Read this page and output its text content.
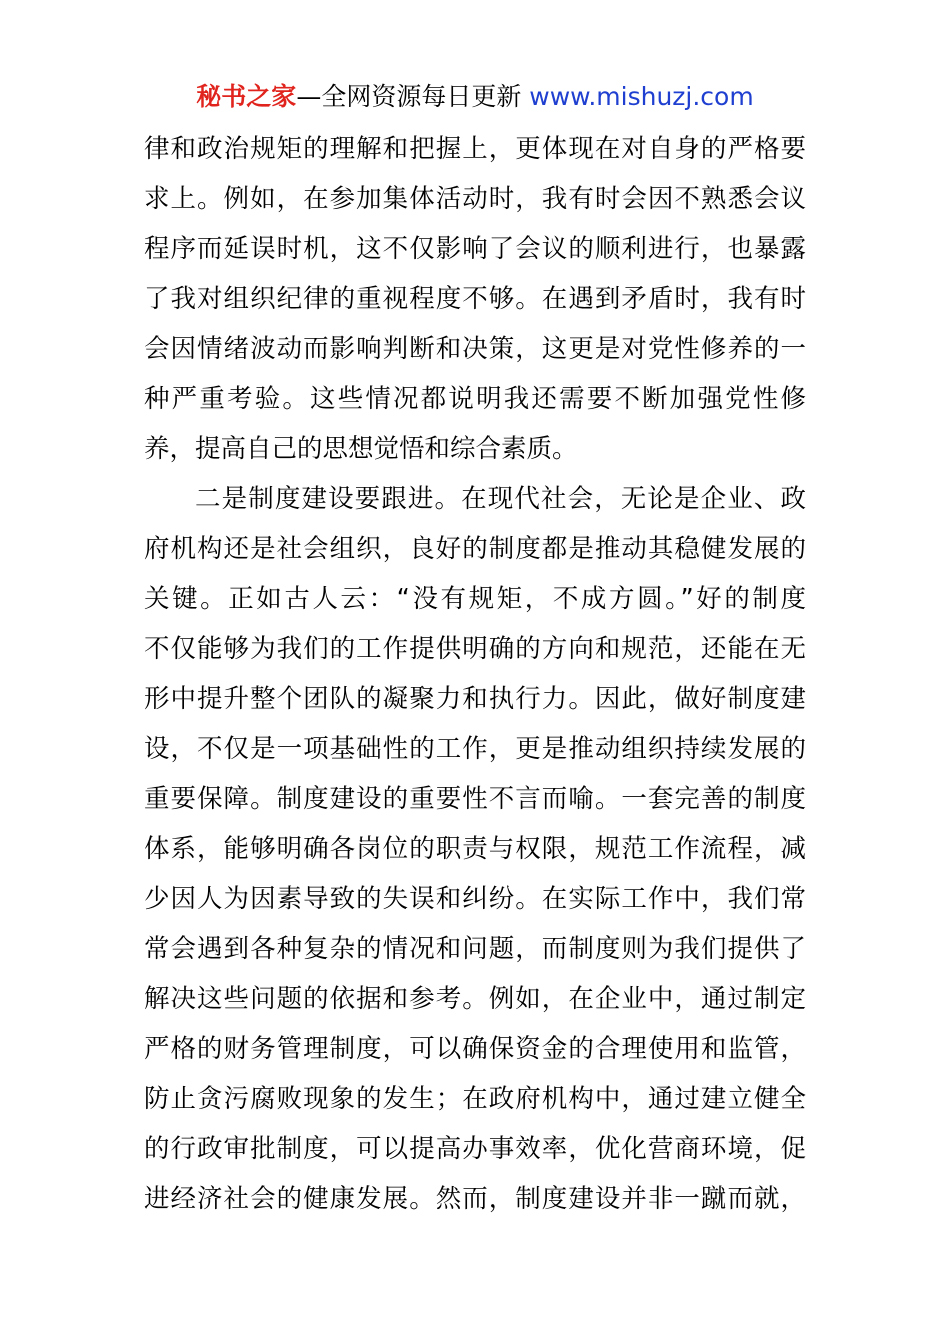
秘书之家—全网资源每日更新 www.mishuzj.com
律和政治规矩的理解和把握上，更体现在对自身的严格要
求上。例如，在参加集体活动时，我有时会因不熟悉会议
程序而延误时机，这不仅影响了会议的顺利进行，也暴露
了我对组织纪律的重视程度不够。在遇到矛盾时，我有时
会因情绪波动而影响判断和决策，这更是对党性修养的一
种严重考验。这些情况都说明我还需要不断加强党性修
养，提高自己的思想觉悟和综合素质。
二是制度建设要跟进。在现代社会，无论是企业、政
府机构还是社会组织，良好的制度都是推动其稳健发展的
关键。正如古人云：“没有规矩，不成方圆。”好的制度
不仅能够为我们的工作提供明确的方向和规范，还能在无
形中提升整个团队的凝聚力和执行力。因此，做好制度建
设，不仅是一项基础性的工作，更是推动组织持续发展的
重要保障。制度建设的重要性不言而喻。一套完善的制度
体系，能够明确各岗位的职责与权限，规范工作流程，减
少因人为因素导致的失误和纠纷。在实际工作中，我们常
常会遇到各种复杂的情况和问题，而制度则为我们提供了
解决这些问题的依据和参考。例如，在企业中，通过制定
严格的财务管理制度，可以确保资金的合理使用和监管，
防止贪污腐败现象的发生；在政府机构中，通过建立健全
的行政审批制度，可以提高办事效率，优化营商环境，促
进经济社会的健康发展。然而，制度建设并非一蹴而就，
